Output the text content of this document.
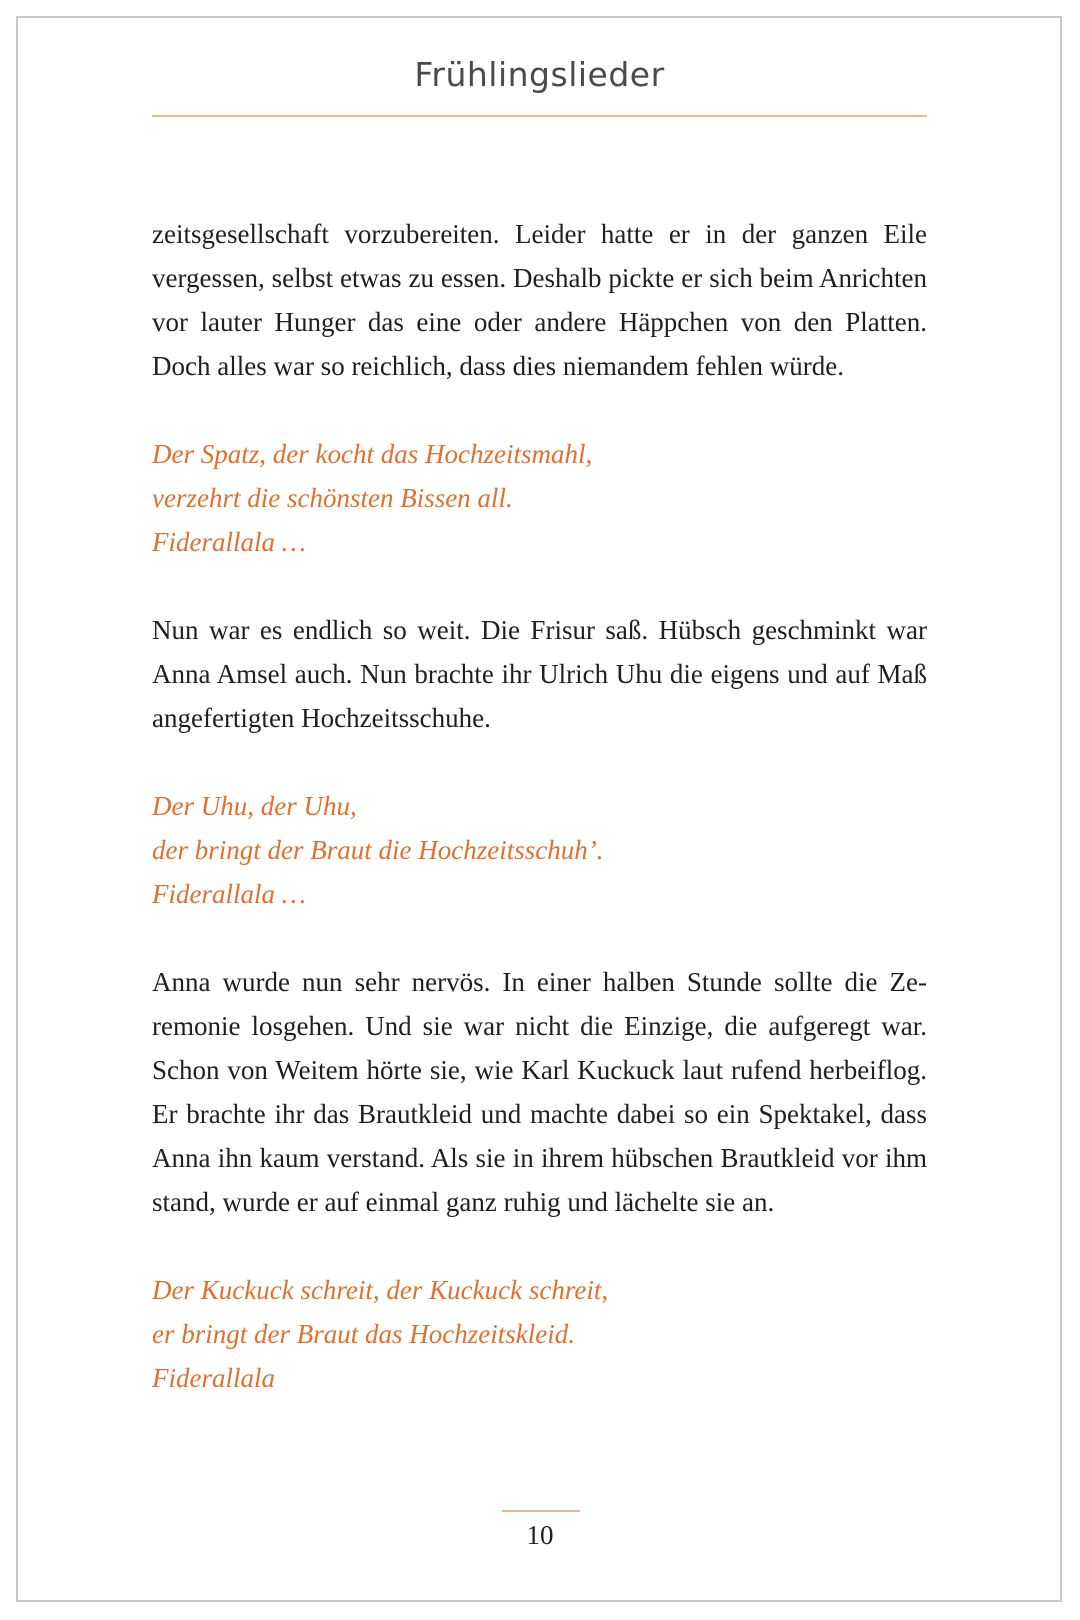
Frühlingslieder

zeitsgesellschaft vorzubereiten. Leider hatte er in der ganzen Eile vergessen, selbst etwas zu essen. Deshalb pickte er sich beim Anrichten vor lauter Hunger das eine oder andere Häppchen von den Platten. Doch alles war so reichlich, dass dies niemandem fehlen würde.

Der Spatz, der kocht das Hochzeitsmahl,
verzehrt die schönsten Bissen all.
Fiderallala …

Nun war es endlich so weit. Die Frisur saß. Hübsch geschminkt war Anna Amsel auch. Nun brachte ihr Ulrich Uhu die eigens und auf Maß angefertigten Hochzeitsschuhe.

Der Uhu, der Uhu,
der bringt der Braut die Hochzeitsschuh’.
Fiderallala …

Anna wurde nun sehr nervös. In einer halben Stunde sollte die Zeremonie losgehen. Und sie war nicht die Einzige, die aufgeregt war. Schon von Weitem hörte sie, wie Karl Kuckuck laut rufend herbeiflog. Er brachte ihr das Brautkleid und machte dabei so ein Spektakel, dass Anna ihn kaum verstand. Als sie in ihrem hübschen Brautkleid vor ihm stand, wurde er auf einmal ganz ruhig und lächelte sie an.

Der Kuckuck schreit, der Kuckuck schreit,
er bringt der Braut das Hochzeitskleid.
Fiderallala
10
